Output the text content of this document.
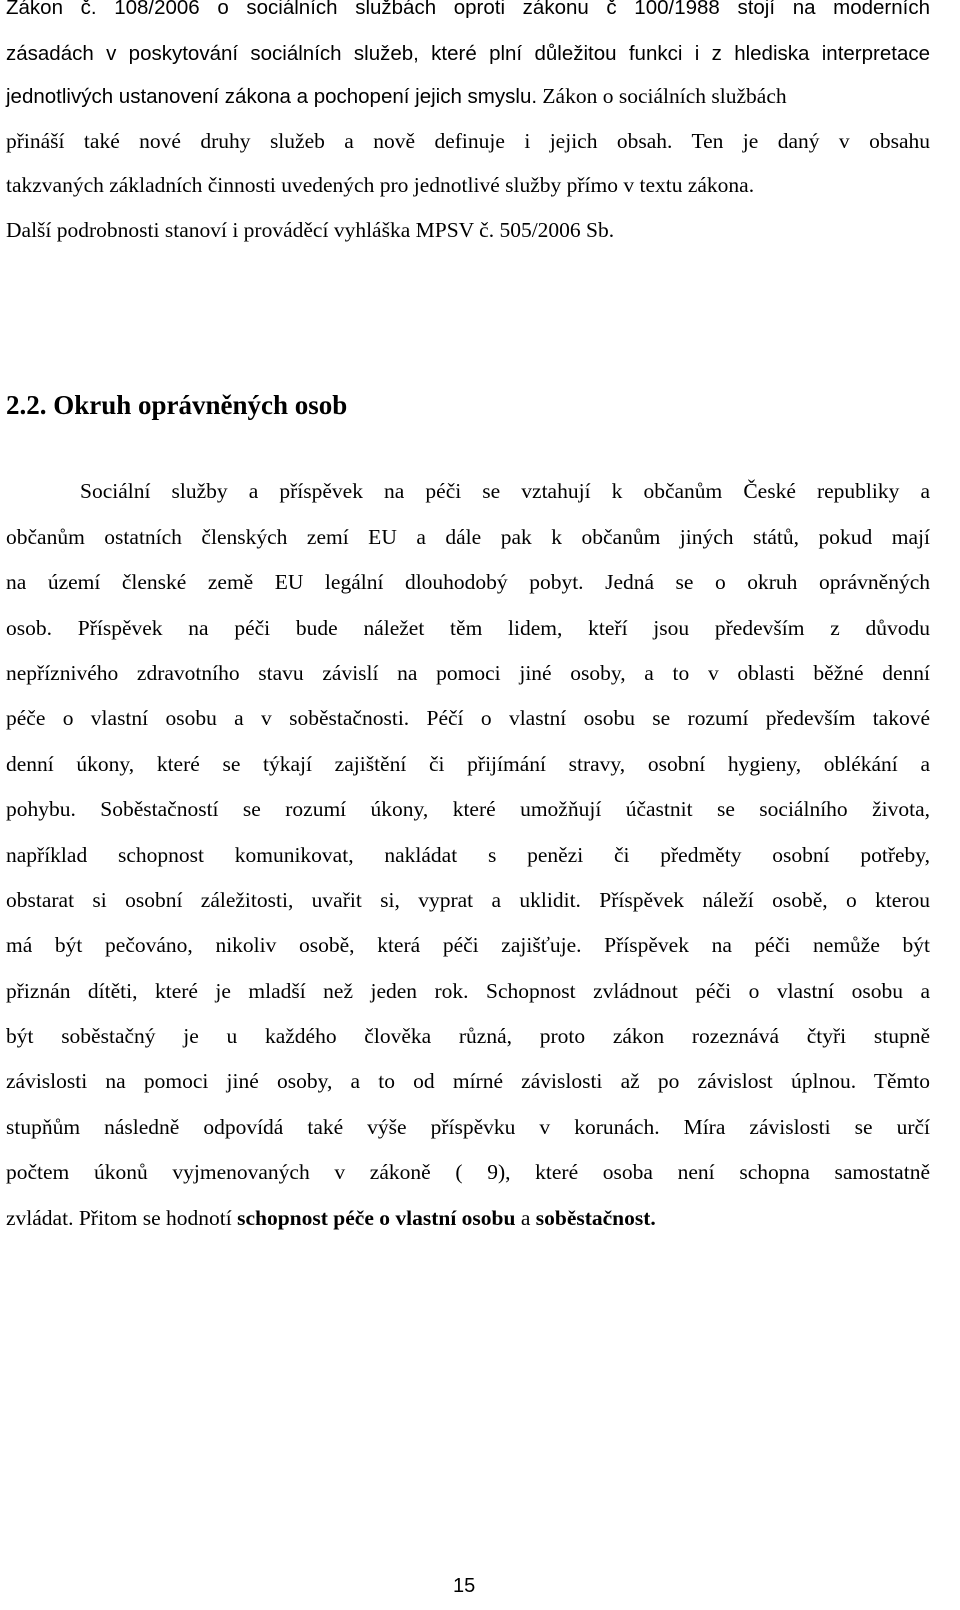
Zákon č. 108/2006 o sociálních službách oproti zákonu č 100/1988 stojí na moderních
zásadách v poskytování sociálních služeb, které plní důležitou funkci i z hlediska interpretace
jednotlivých ustanovení zákona a pochopení jejich smyslu. Zákon o sociálních službách
přináší také nové druhy služeb a nově definuje i jejich obsah. Ten je daný v obsahu
takzvaných základních činnosti uvedených pro jednotlivé služby přímo v textu zákona.
Další podrobnosti stanoví i prováděcí vyhláška MPSV č. 505/2006 Sb.
2.2. Okruh oprávněných osob
Sociální služby a příspěvek na péči se vztahují k občanům České republiky a
občanům ostatních členských zemí EU a dále pak k občanům jiných států, pokud mají
na území členské země EU legální dlouhodobý pobyt. Jedná se o okruh oprávněných
osob. Příspěvek na péči bude náležet těm lidem, kteří jsou především z důvodu
nepříznivého zdravotního stavu závislí na pomoci jiné osoby, a to v oblasti běžné denní
péče o vlastní osobu a v soběstačnosti. Péčí o vlastní osobu se rozumí především takové
denní úkony, které se týkají zajištění či přijímání stravy, osobní hygieny, oblékání a
pohybu. Soběstačností se rozumí úkony, které umožňují účastnit se sociálního života,
například schopnost komunikovat, nakládat s penězi či předměty osobní potřeby,
obstarat si osobní záležitosti, uvařit si, vyprat a uklidit. Příspěvek náleží osobě, o kterou
má být pečováno, nikoliv osobě, která péči zajišťuje. Příspěvek na péči nemůže být
přiznán dítěti, které je mladší než jeden rok. Schopnost zvládnout péči o vlastní osobu a
být soběstačný je u každého člověka různá, proto zákon rozeznává čtyři stupně
závislosti na pomoci jiné osoby, a to od mírné závislosti až po závislost úplnou. Těmto
stupňům následně odpovídá také výše příspěvku v korunách. Míra závislosti se určí
počtem úkonů vyjmenovaných v zákoně ( 9), které osoba není schopna samostatně
zvládat. Přitom se hodnotí schopnost péče o vlastní osobu a soběstačnost.
15
